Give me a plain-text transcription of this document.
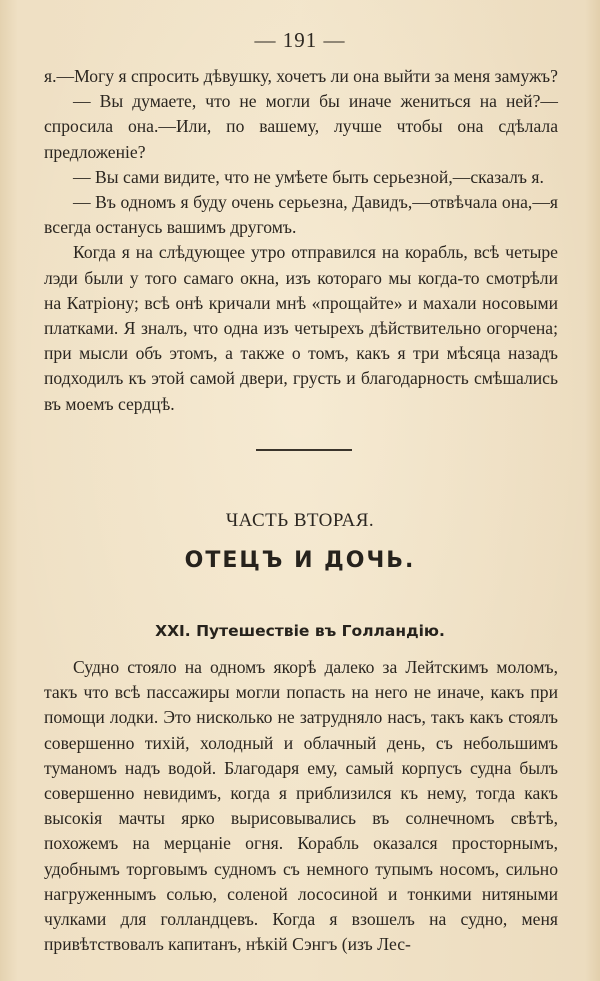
— 191 —

я.—Могу я спросить дѣвушку, хочетъ ли она выйти за меня замужъ?

— Вы думаете, что не могли бы иначе жениться на ней?—спросила она.—Или, по вашему, лучше чтобы она сдѣлала предложеніе?

— Вы сами видите, что не умѣете быть серьезной,—сказалъ я.

— Въ одномъ я буду очень серьезна, Давидъ,—отвѣчала она,—я всегда останусь вашимъ другомъ.

Когда я на слѣдующее утро отправился на корабль, всѣ четыре лэди были у того самаго окна, изъ котораго мы когда-то смотрѣли на Катріону; всѣ онѣ кричали мнѣ «прощайте» и махали носовыми платками. Я зналъ, что одна изъ четырехъ дѣйствительно огорчена; при мысли объ этомъ, а также о томъ, какъ я три мѣсяца назадъ подходилъ къ этой самой двери, грусть и благодарность смѣшались въ моемъ сердцѣ.

ЧАСТЬ ВТОРАЯ.
ОТЕЦЪ И ДОЧЬ.
XXI. Путешествіе въ Голландію.

Судно стояло на одномъ якорѣ далеко за Лейтскимъ моломъ, такъ что всѣ пассажиры могли попасть на него не иначе, какъ при помощи лодки. Это нисколько не затрудняло насъ, такъ какъ стоялъ совершенно тихій, холодный и облачный день, съ небольшимъ туманомъ надъ водой. Благодаря ему, самый корпусъ судна былъ совершенно невидимъ, когда я приблизился къ нему, тогда какъ высокія мачты ярко вырисовывались въ солнечномъ свѣтѣ, похожемъ на мерцаніе огня. Корабль оказался просторнымъ, удобнымъ торговымъ судномъ съ немного тупымъ носомъ, сильно нагруженнымъ солью, соленой лососиной и тонкими нитяными чулками для голландцевъ. Когда я взошелъ на судно, меня привѣтствовалъ капитанъ, нѣкій Сэнгъ (изъ Лес-
